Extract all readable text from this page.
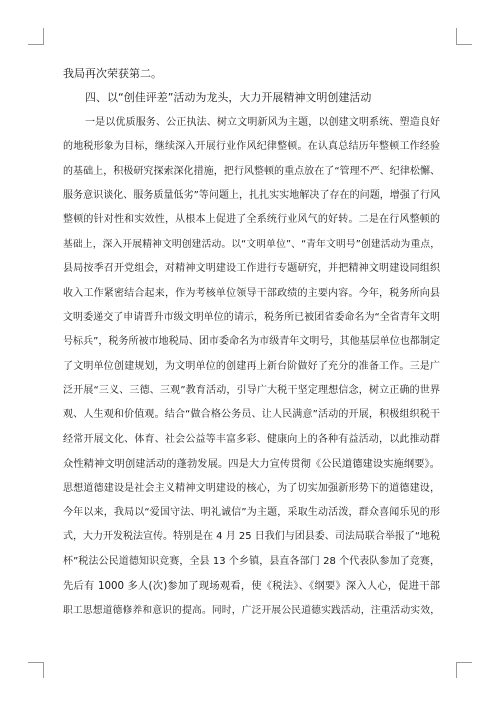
我局再次荣获第二。
四、以“创佳评差”活动为龙头，大力开展精神文明创建活动
一是以优质服务、公正执法、树立文明新风为主题，以创建文明系统、塑造良好
的地税形象为目标，继续深入开展行业作风纪律整顿。在认真总结历年整顿工作经验
的基础上，积极研究探索深化措施，把行风整顿的重点放在了“管理不严、纪律松懈、
服务意识谈化、服务质量低劣”等问题上，扎扎实实地解决了存在的问题，增强了行风
整顿的针对性和实效性，从根本上促进了全系统行业风气的好转。二是在行风整顿的
基础上，深入开展精神文明创建活动。以“文明单位”、“青年文明号”创建活动为重点，
县局按季召开党组会，对精神文明建设工作进行专题研究，并把精神文明建设同组织
收入工作紧密结合起来，作为考核单位领导干部政绩的主要内容。今年，税务所向县
文明委递交了申请晋升市级文明单位的请示，税务所已被团省委命名为“全省青年文明
号标兵”，税务所被市地税局、团市委命名为市级青年文明号，其他基层单位也都制定
了文明单位创建规划，为文明单位的创建再上新台阶做好了充分的准备工作。三是广
泛开展“三义、三德、三观”教育活动，引导广大税干坚定理想信念，树立正确的世界
观、人生观和价值观。结合“做合格公务员、让人民满意”活动的开展，积极组织税干
经常开展文化、体育、社会公益等丰富多彩、健康向上的各种有益活动，以此推动群
众性精神文明创建活动的蓬勃发展。四是大力宣传贯彻《公民道德建设实施纲要》。
思想道德建设是社会主义精神文明建设的核心，为了切实加强新形势下的道德建设，
今年以来，我局以“爱国守法、明礼诚信”为主题，采取生动活泼，群众喜闻乐见的形
式，大力开发税法宣传。特别是在 4 月 25 日我们与团县委、司法局联合举报了“地税
杯”税法公民道德知识竞赛，全县 13 个乡镇，县直各部门 28 个代表队参加了竞赛，
先后有 1000 多人(次)参加了现场观看，使《税法》、《纲要》深入人心，促进干部
职工思想道德修养和意识的提高。同时，广泛开展公民道德实践活动，注重活动实效，
